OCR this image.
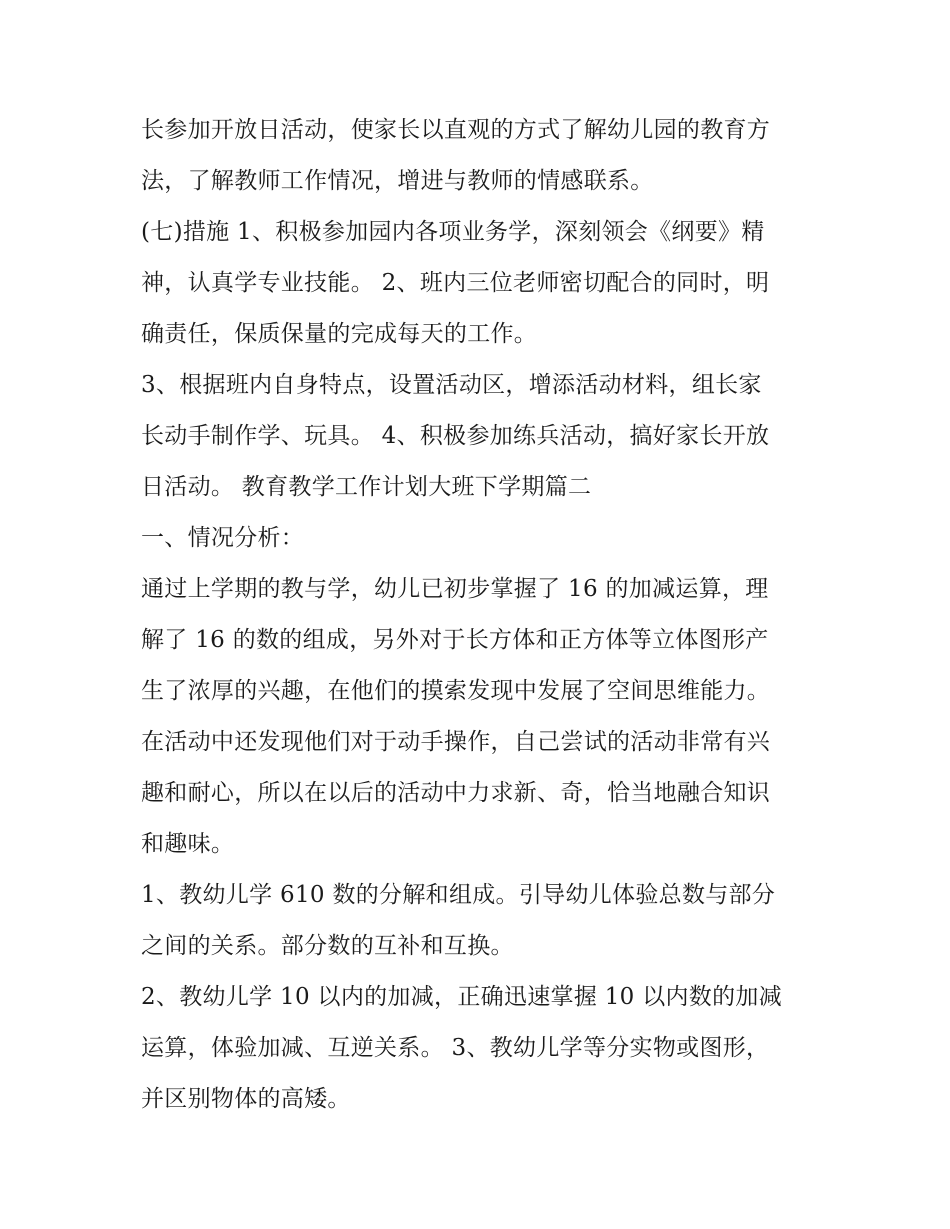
长参加开放日活动，使家长以直观的方式了解幼儿园的教育方
法，了解教师工作情况，增进与教师的情感联系。
(七)措施 1、积极参加园内各项业务学，深刻领会《纲要》精
神，认真学专业技能。 2、班内三位老师密切配合的同时，明
确责任，保质保量的完成每天的工作。
3、根据班内自身特点，设置活动区，增添活动材料，组长家
长动手制作学、玩具。 4、积极参加练兵活动，搞好家长开放
日活动。 教育教学工作计划大班下学期篇二
一、情况分析：
通过上学期的教与学，幼儿已初步掌握了 16 的加减运算，理
解了 16 的数的组成，另外对于长方体和正方体等立体图形产
生了浓厚的兴趣，在他们的摸索发现中发展了空间思维能力。
在活动中还发现他们对于动手操作，自己尝试的活动非常有兴
趣和耐心，所以在以后的活动中力求新、奇，恰当地融合知识
和趣味。
1、教幼儿学 610 数的分解和组成。引导幼儿体验总数与部分
之间的关系。部分数的互补和互换。
2、教幼儿学 10 以内的加减，正确迅速掌握 10 以内数的加减
运算，体验加减、互逆关系。 3、教幼儿学等分实物或图形，
并区别物体的高矮。
